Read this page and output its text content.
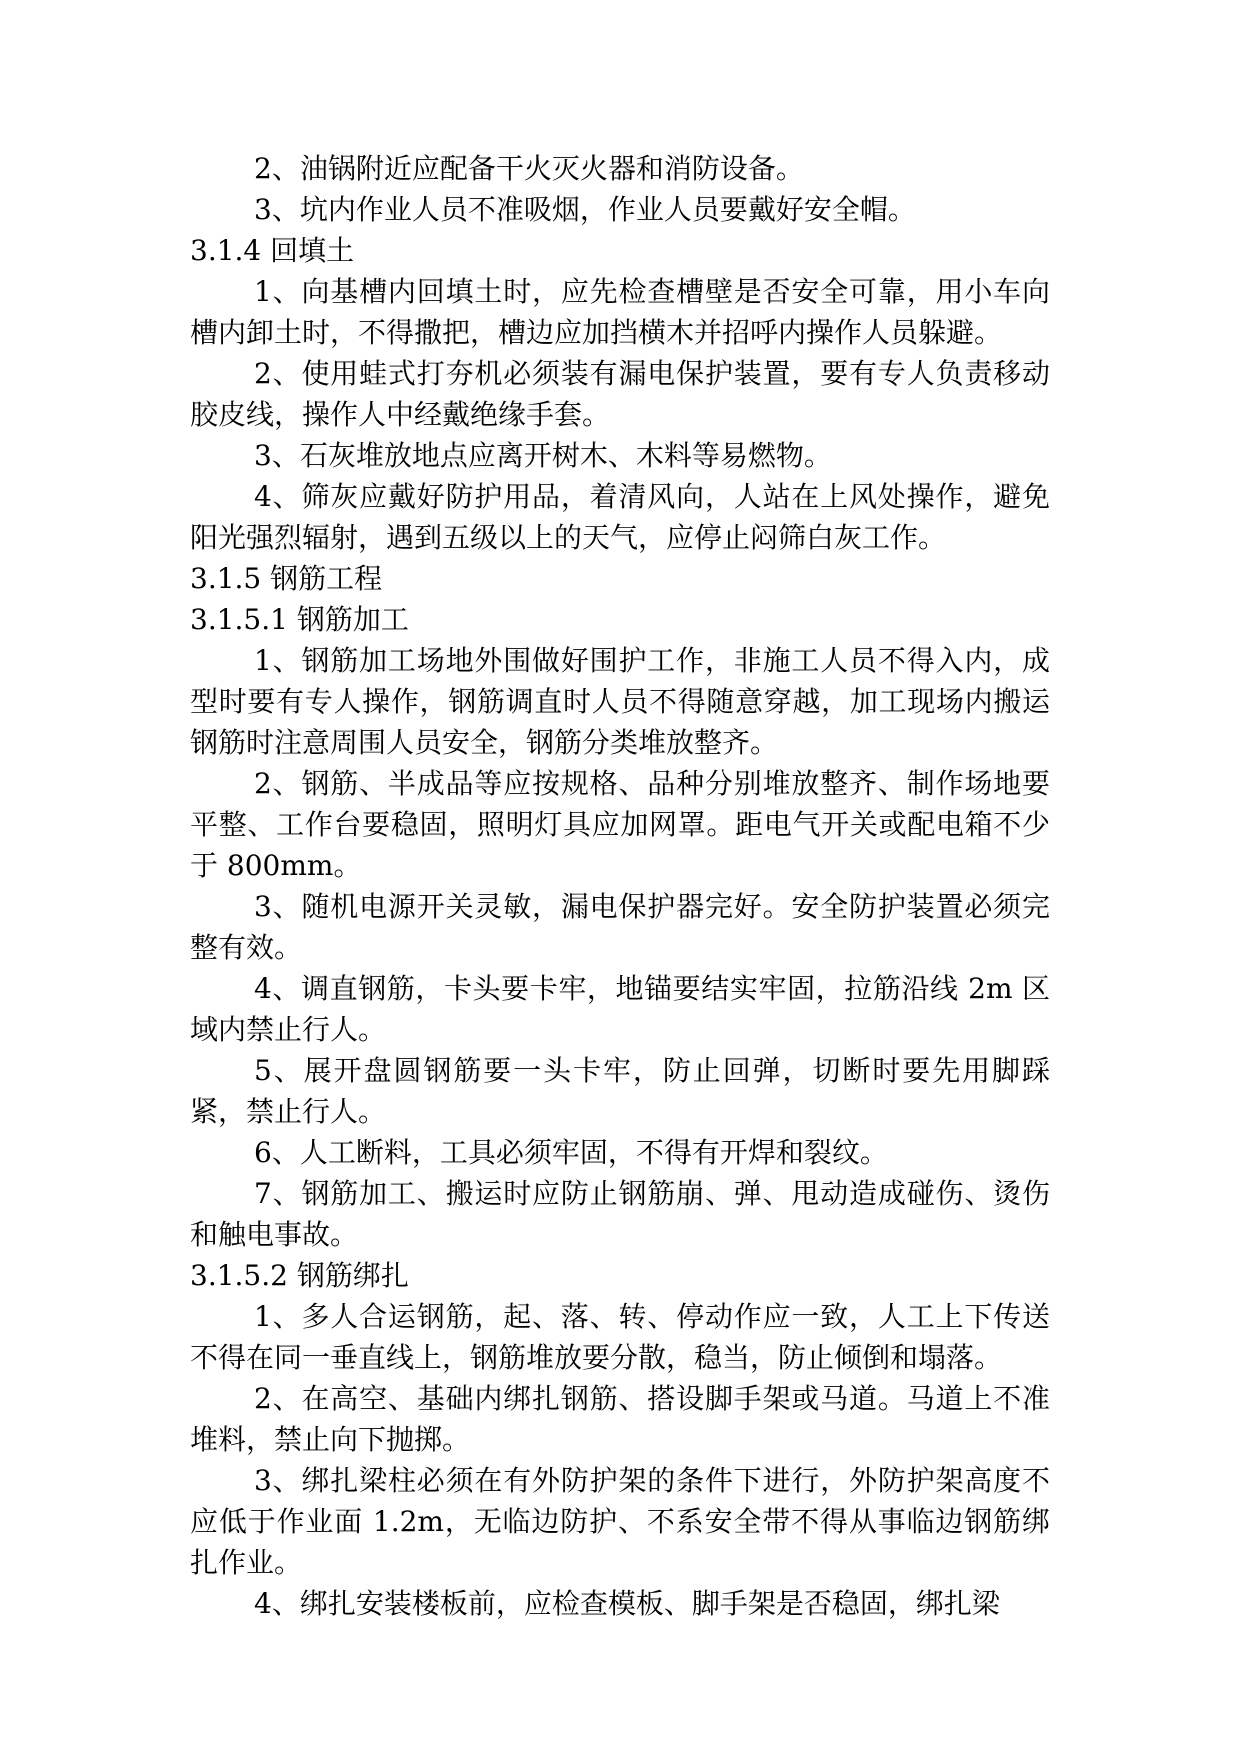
2、油锅附近应配备干火灭火器和消防设备。

3、坑内作业人员不准吸烟，作业人员要戴好安全帽。

3.1.4 回填土

1、向基槽内回填土时，应先检查槽壁是否安全可靠，用小车向槽内卸土时，不得撒把，槽边应加挡横木并招呼内操作人员躲避。

2、使用蛙式打夯机必须装有漏电保护装置，要有专人负责移动胶皮线，操作人中经戴绝缘手套。

3、石灰堆放地点应离开树木、木料等易燃物。

4、筛灰应戴好防护用品，着清风向，人站在上风处操作，避免阳光强烈辐射，遇到五级以上的天气，应停止闷筛白灰工作。

3.1.5 钢筋工程

3.1.5.1 钢筋加工

1、钢筋加工场地外围做好围护工作，非施工人员不得入内，成型时要有专人操作，钢筋调直时人员不得随意穿越，加工现场内搬运钢筋时注意周围人员安全，钢筋分类堆放整齐。

2、钢筋、半成品等应按规格、品种分别堆放整齐、制作场地要平整、工作台要稳固，照明灯具应加网罩。距电气开关或配电箱不少于 800mm。

3、随机电源开关灵敏，漏电保护器完好。安全防护装置必须完整有效。

4、调直钢筋，卡头要卡牢，地锚要结实牢固，拉筋沿线 2m 区域内禁止行人。

5、展开盘圆钢筋要一头卡牢，防止回弹，切断时要先用脚踩紧，禁止行人。

6、人工断料，工具必须牢固，不得有开焊和裂纹。

7、钢筋加工、搬运时应防止钢筋崩、弹、甩动造成碰伤、烫伤和触电事故。

3.1.5.2 钢筋绑扎

1、多人合运钢筋，起、落、转、停动作应一致，人工上下传送不得在同一垂直线上，钢筋堆放要分散，稳当，防止倾倒和塌落。

2、在高空、基础内绑扎钢筋、搭设脚手架或马道。马道上不准堆料，禁止向下抛掷。

3、绑扎梁柱必须在有外防护架的条件下进行，外防护架高度不应低于作业面 1.2m，无临边防护、不系安全带不得从事临边钢筋绑扎作业。

4、绑扎安装楼板前，应检查模板、脚手架是否稳固，绑扎梁
